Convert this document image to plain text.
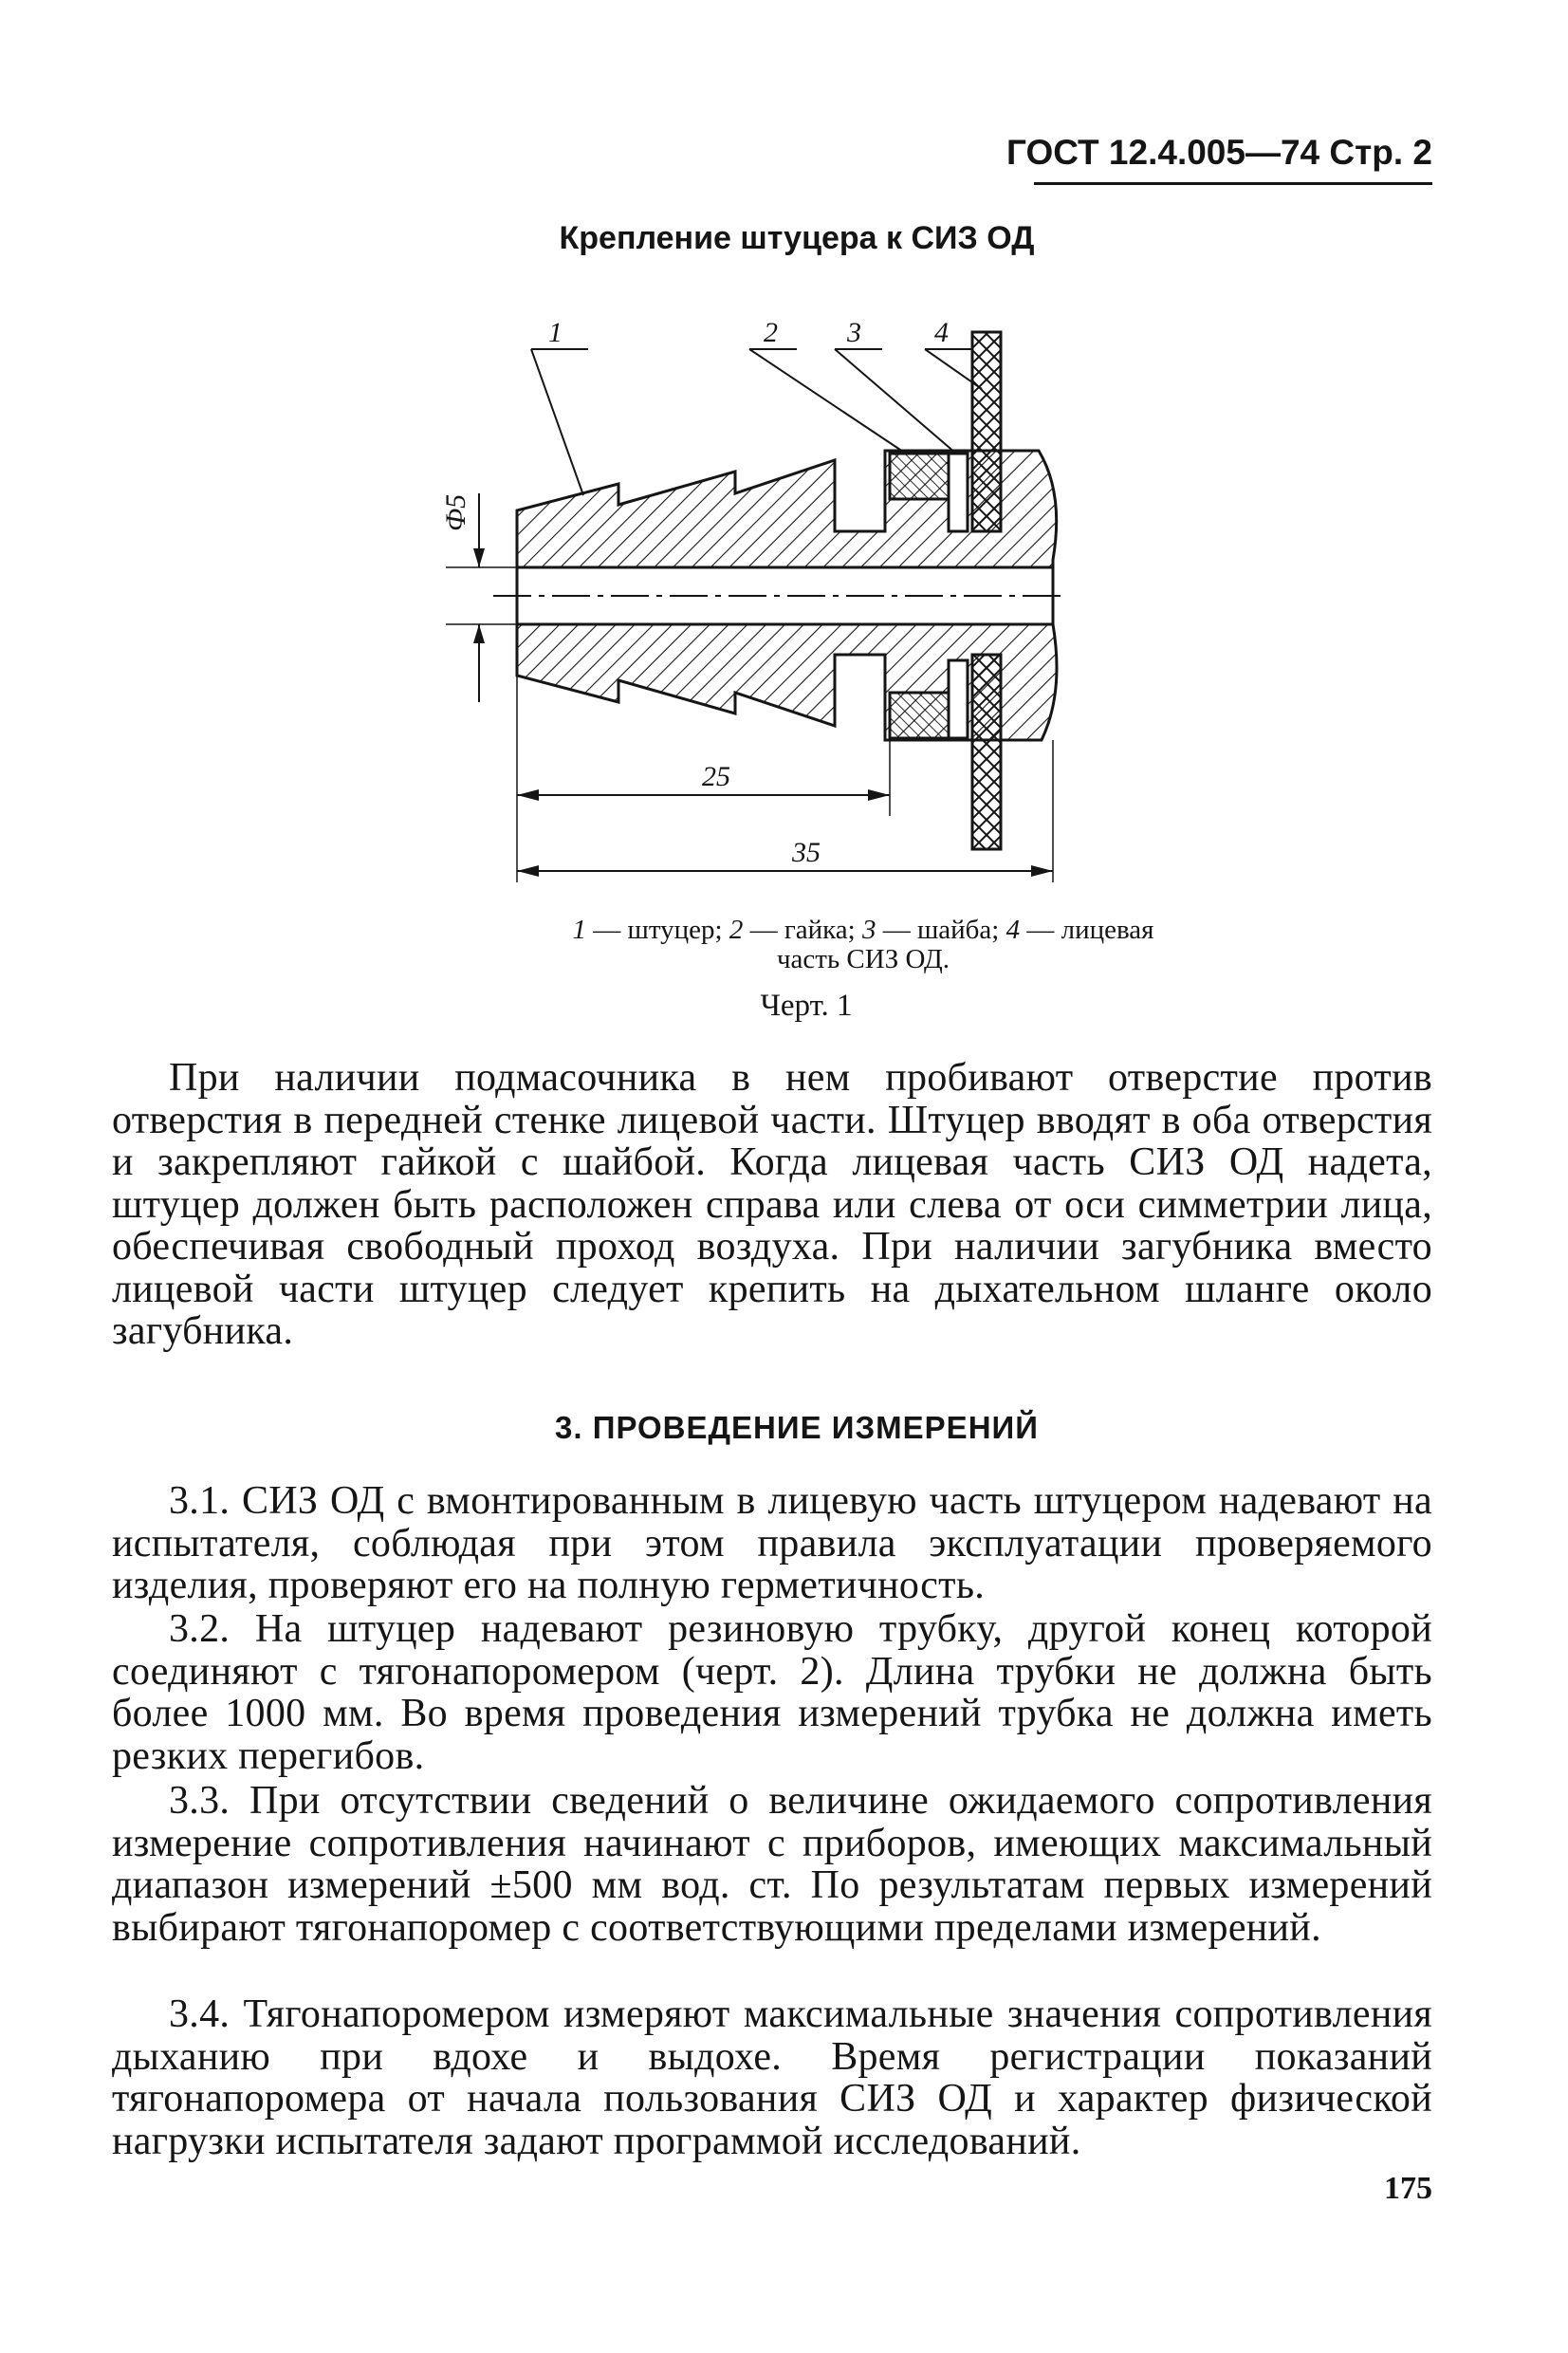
ГОСТ 12.4.005—74 Стр. 2
Крепление штуцера к СИЗ ОД
1	2 3	4
Ф5
25
35
1 — штуцер; 2 — гайка; 3 — шайба; 4 — лицевая
часть СИЗ ОД.
Черт. 1
При наличии подмасочника в нем пробивают отверстие против отверстия в передней стенке лицевой части. Штуцер вводят в оба отверстия и закрепляют гайкой с шайбой. Когда лицевая часть СИЗ ОД надета, штуцер должен быть расположен справа или слева от оси симметрии лица, обеспечивая свободный проход воздуха. При наличии загубника вместо лицевой части штуцер следует крепить на дыхательном шланге около загубника.
3. ПРОВЕДЕНИЕ ИЗМЕРЕНИЙ
3.1. СИЗ ОД с вмонтированным в лицевую часть штуцером надевают на испытателя, соблюдая при этом правила эксплуатации проверяемого изделия, проверяют его на полную герметичность.
3.2. На штуцер надевают резиновую трубку, другой конец которой соединяют с тягонапоромером (черт. 2). Длина трубки не должна быть более 1000 мм. Во время проведения измерений трубка не должна иметь резких перегибов.
3.3. При отсутствии сведений о величине ожидаемого сопротивления измерение сопротивления начинают с приборов, имеющих максимальный диапазон измерений ±500 мм вод. ст. По результатам первых измерений выбирают тягонапоромер с соответствующими пределами измерений.
3.4. Тягонапоромером измеряют максимальные значения сопротивления дыханию при вдохе и выдохе. Время регистрации показаний тягонапоромера от начала пользования СИЗ ОД и характер физической нагрузки испытателя задают программой исследований.
175
